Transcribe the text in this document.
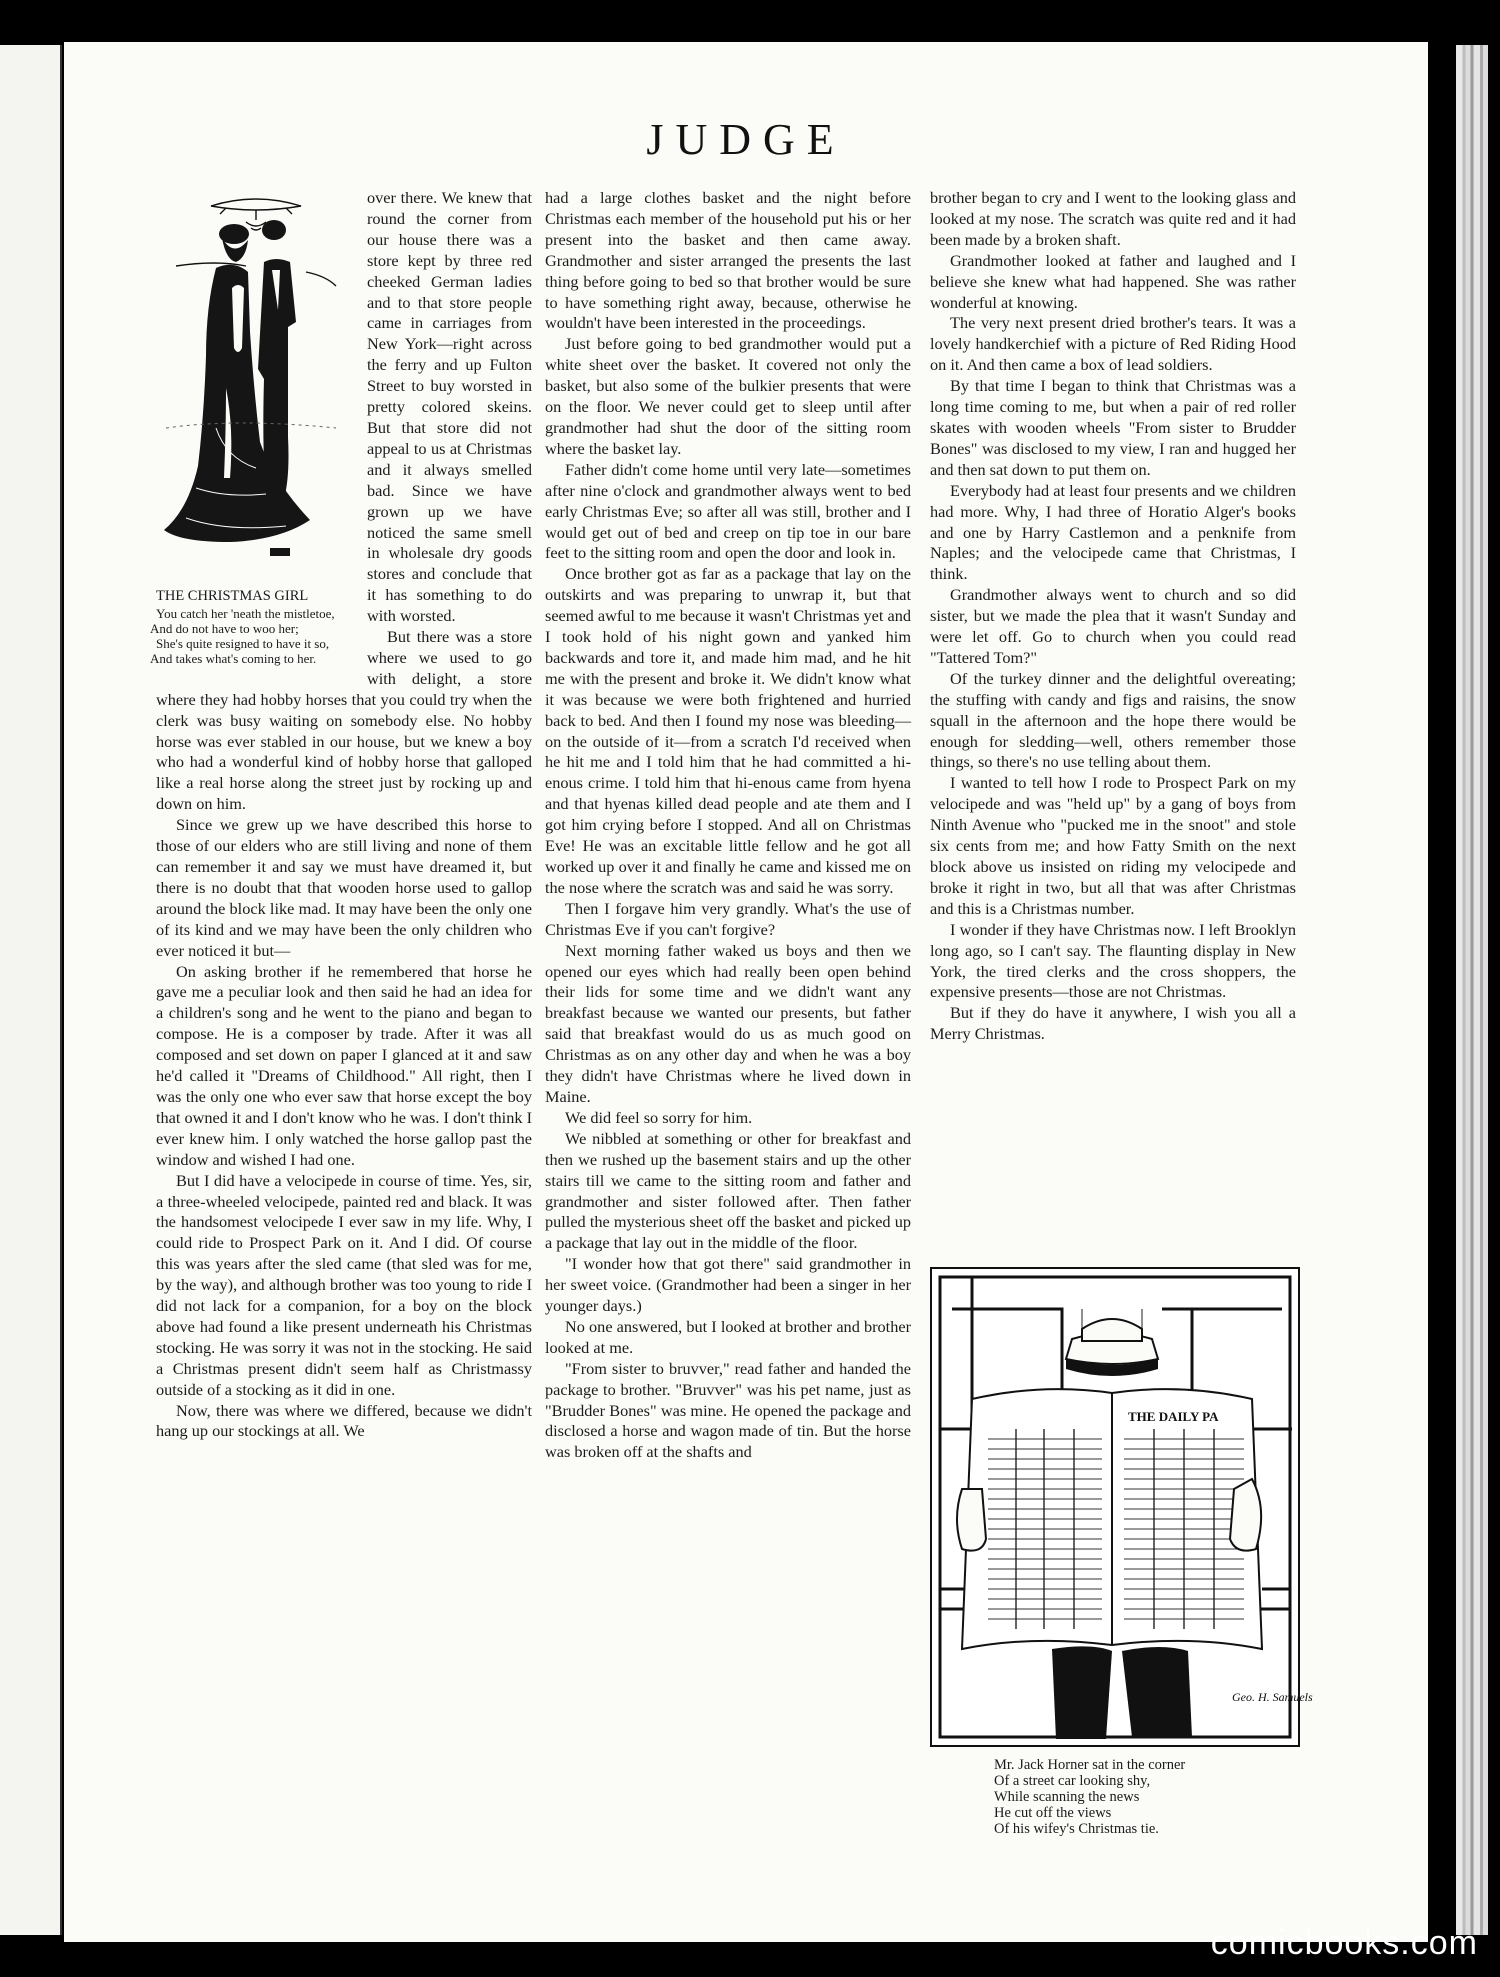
JUDGE
THE CHRISTMAS GIRL
You catch her 'neath the mistletoe,
And do not have to woo her;
She's quite resigned to have it so,
And takes what's coming to her.

over there. We knew that round the corner from our house there was a store kept by three red cheeked German ladies and to that store people came in carriages from New York—right across the ferry and up Fulton Street to buy worsted in pretty colored skeins. But that store did not appeal to us at Christmas and it always smelled bad. Since we have grown up we have noticed the same smell in wholesale dry goods stores and conclude that it has something to do with worsted.

But there was a store where we used to go with delight, a store where they had hobby horses that you could try when the clerk was busy waiting on somebody else. No hobby horse was ever stabled in our house, but we knew a boy who had a wonderful kind of hobby horse that galloped like a real horse along the street just by rocking up and down on him.

Since we grew up we have described this horse to those of our elders who are still living and none of them can remember it and say we must have dreamed it, but there is no doubt that that wooden horse used to gallop around the block like mad. It may have been the only one of its kind and we may have been the only children who ever noticed it but—

On asking brother if he remembered that horse he gave me a peculiar look and then said he had an idea for a children's song and he went to the piano and began to compose. He is a composer by trade. After it was all composed and set down on paper I glanced at it and saw he'd called it "Dreams of Childhood." All right, then I was the only one who ever saw that horse except the boy that owned it and I don't know who he was. I don't think I ever knew him. I only watched the horse gallop past the window and wished I had one.

But I did have a velocipede in course of time. Yes, sir, a three-wheeled velocipede, painted red and black. It was the handsomest velocipede I ever saw in my life. Why, I could ride to Prospect Park on it. And I did. Of course this was years after the sled came (that sled was for me, by the way), and although brother was too young to ride I did not lack for a companion, for a boy on the block above had found a like present underneath his Christmas stocking. He was sorry it was not in the stocking. He said a Christmas present didn't seem half as Christmassy outside of a stocking as it did in one.

Now, there was where we differed, because we didn't hang up our stockings at all. We

had a large clothes basket and the night before Christmas each member of the household put his or her present into the basket and then came away. Grandmother and sister arranged the presents the last thing before going to bed so that brother would be sure to have something right away, because, otherwise he wouldn't have been interested in the proceedings.

Just before going to bed grandmother would put a white sheet over the basket. It covered not only the basket, but also some of the bulkier presents that were on the floor. We never could get to sleep until after grandmother had shut the door of the sitting room where the basket lay.

Father didn't come home until very late—sometimes after nine o'clock and grandmother always went to bed early Christmas Eve; so after all was still, brother and I would get out of bed and creep on tip toe in our bare feet to the sitting room and open the door and look in.

Once brother got as far as a package that lay on the outskirts and was preparing to unwrap it, but that seemed awful to me because it wasn't Christmas yet and I took hold of his night gown and yanked him backwards and tore it, and made him mad, and he hit me with the present and broke it. We didn't know what it was because we were both frightened and hurried back to bed. And then I found my nose was bleeding—on the outside of it—from a scratch I'd received when he hit me and I told him that he had committed a hi-enous crime. I told him that hi-enous came from hyena and that hyenas killed dead people and ate them and I got him crying before I stopped. And all on Christmas Eve! He was an excitable little fellow and he got all worked up over it and finally he came and kissed me on the nose where the scratch was and said he was sorry.

Then I forgave him very grandly. What's the use of Christmas Eve if you can't forgive?

Next morning father waked us boys and then we opened our eyes which had really been open behind their lids for some time and we didn't want any breakfast because we wanted our presents, but father said that breakfast would do us as much good on Christmas as on any other day and when he was a boy they didn't have Christmas where he lived down in Maine.

We did feel so sorry for him.

We nibbled at something or other for breakfast and then we rushed up the basement stairs and up the other stairs till we came to the sitting room and father and grandmother and sister followed after. Then father pulled the mysterious sheet off the basket and picked up a package that lay out in the middle of the floor.

"I wonder how that got there" said grandmother in her sweet voice. (Grandmother had been a singer in her younger days.)

No one answered, but I looked at brother and brother looked at me.

"From sister to bruvver," read father and handed the package to brother. "Bruvver" was his pet name, just as "Brudder Bones" was mine. He opened the package and disclosed a horse and wagon made of tin. But the horse was broken off at the shafts and

brother began to cry and I went to the looking glass and looked at my nose. The scratch was quite red and it had been made by a broken shaft.

Grandmother looked at father and laughed and I believe she knew what had happened. She was rather wonderful at knowing.

The very next present dried brother's tears. It was a lovely handkerchief with a picture of Red Riding Hood on it. And then came a box of lead soldiers.

By that time I began to think that Christmas was a long time coming to me, but when a pair of red roller skates with wooden wheels "From sister to Brudder Bones" was disclosed to my view, I ran and hugged her and then sat down to put them on.

Everybody had at least four presents and we children had more. Why, I had three of Horatio Alger's books and one by Harry Castlemon and a penknife from Naples; and the velocipede came that Christmas, I think.

Grandmother always went to church and so did sister, but we made the plea that it wasn't Sunday and were let off. Go to church when you could read "Tattered Tom?"

Of the turkey dinner and the delightful overeating; the stuffing with candy and figs and raisins, the snow squall in the afternoon and the hope there would be enough for sledding—well, others remember those things, so there's no use telling about them.

I wanted to tell how I rode to Prospect Park on my velocipede and was "held up" by a gang of boys from Ninth Avenue who "pucked me in the snoot" and stole six cents from me; and how Fatty Smith on the next block above us insisted on riding my velocipede and broke it right in two, but all that was after Christmas and this is a Christmas number.

I wonder if they have Christmas now. I left Brooklyn long ago, so I can't say. The flaunting display in New York, the tired clerks and the cross shoppers, the expensive presents—those are not Christmas.

But if they do have it anywhere, I wish you all a Merry Christmas.

THE DAILY PA
Geo. H. Samuels
Mr. Jack Horner sat in the corner
Of a street car looking shy,
While scanning the news
He cut off the views
Of his wifey's Christmas tie.
comicbooks.com
